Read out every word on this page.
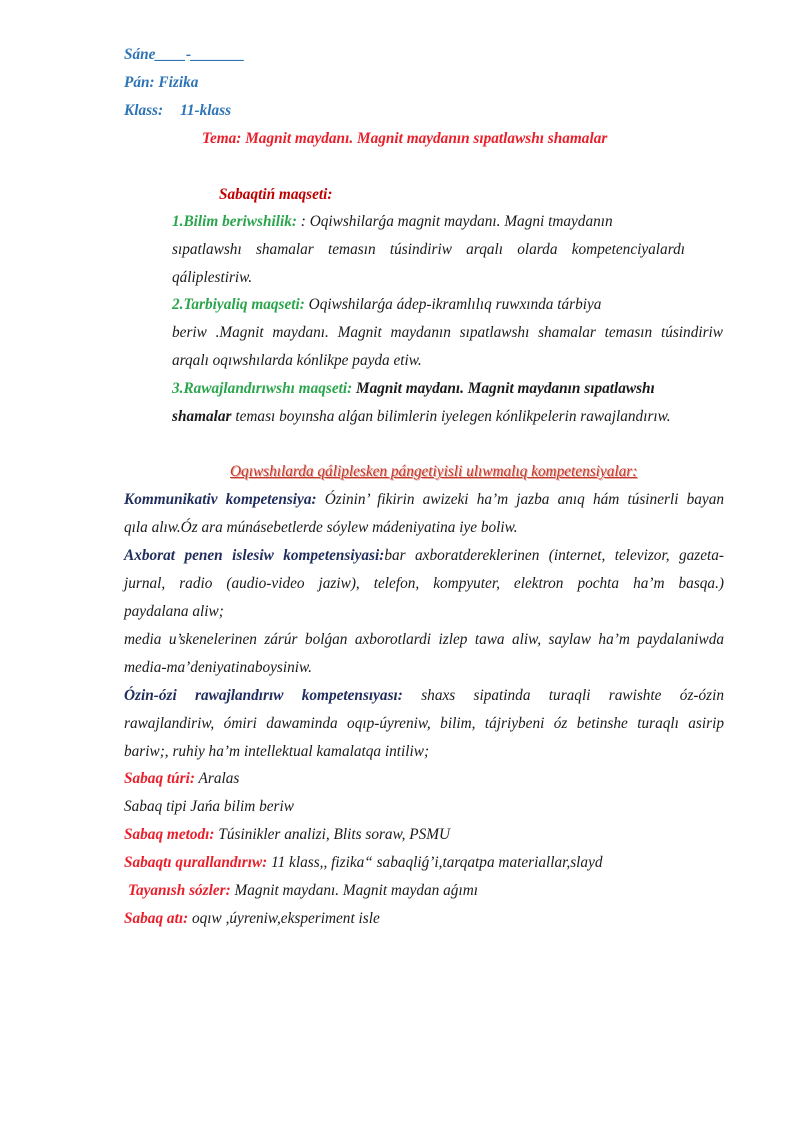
Sáne____-_______
Pán: Fizika
Klass: 11-klass
Tema: Magnit maydanı. Magnit maydanın sıpatlawshı shamalar
Sabaqtiń maqseti:
1.Bilim beriwshilik: : Oqiwshilarǵa magnit maydanı. Magni tmaydanın
sıpatlawshı shamalar temasın túsindiriw arqalı olarda kompetenciyalardı
qáliplestiriw.
2.Tarbiyaliq maqseti: Oqiwshilarǵa ádep-ikramlılıq ruwxında tárbiya
beriw .Magnit maydanı. Magnit maydanın sıpatlawshı shamalar temasın túsindiriw
arqalı oqıwshılarda kónlikpe payda etiw.
3.Rawajlandırıwshı maqseti: Magnit maydanı. Magnit maydanın sıpatlawshı
shamalar teması boyınsha alǵan bilimlerin iyelegen kónlikpelerin rawajlandırıw.
Oqıwshılarda qáliplesken pángetiyisli ulıwmalıq kompetensiyalar:
Kommunikativ kompetensiya: Ózinin’ fikirin awizeki ha’m jazba anıq hám túsinerli bayan
qıla alıw.Óz ara múnásebetlerde sóylew mádeniyatina iye boliw.
Axborat penen islesiw kompetensiyasi:bar axboratdereklerinen (internet, televizor, gazeta-
jurnal, radio (audio-video jaziw), telefon, kompyuter, elektron pochta ha’m basqa.)
paydalana aliw;
media u’skenelerinen zárúr bolǵan axborotlardi izlep tawa aliw, saylaw ha’m paydalaniwda
media-ma’deniyatinaboysiniw.
Ózin-ózi rawajlandırıw kompetensıyası: shaxs sipatinda turaqli rawishte óz-ózin
rawajlandiriw, ómiri dawaminda oqıp-úyreniw, bilim, tájriybeni óz betinshe turaqlı asirip
bariw;, ruhiy ha’m intellektual kamalatqa intiliw;
Sabaq túri: Aralas
Sabaq tipi Jańa bilim beriw
Sabaq metodı: Túsinikler analizi, Blits soraw, PSMU
Sabaqtı qurallandırıw: 11 klass,, fizika“ sabaqliǵ’i,tarqatpa materiallar,slayd
Tayanısh sózler: Magnit maydanı. Magnit maydan aǵımı
Sabaq atı: oqıw ,úyreniw,eksperiment isle
